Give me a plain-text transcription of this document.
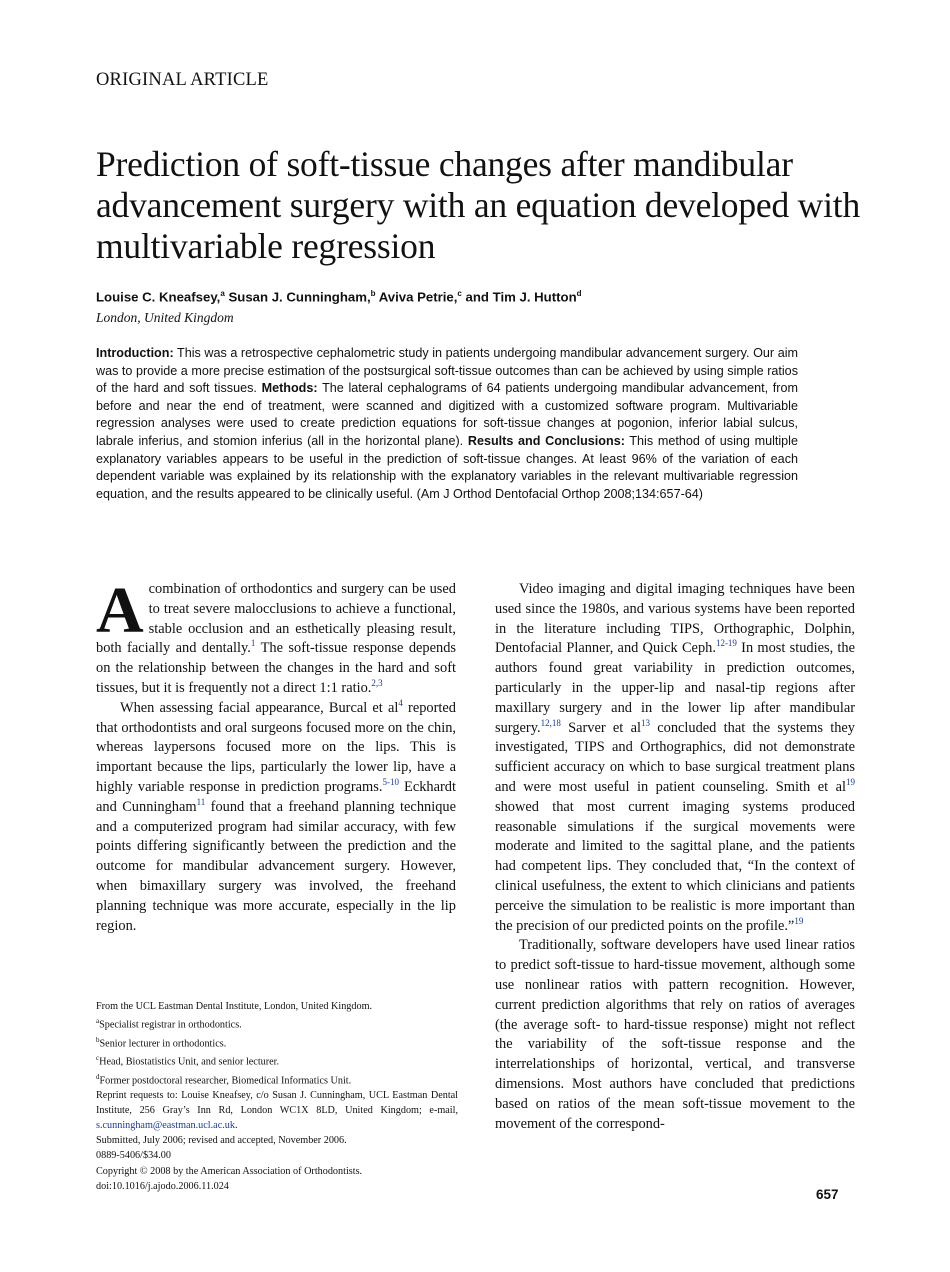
ORIGINAL ARTICLE
Prediction of soft-tissue changes after mandibular advancement surgery with an equation developed with multivariable regression
Louise C. Kneafsey,$^a$ Susan J. Cunningham,$^b$ Aviva Petrie,$^c$ and Tim J. Hutton$^d$
London, United Kingdom

Introduction: This was a retrospective cephalometric study in patients undergoing mandibular advancement surgery. Our aim was to provide a more precise estimation of the postsurgical soft-tissue outcomes than can be achieved by using simple ratios of the hard and soft tissues. Methods: The lateral cephalograms of 64 patients undergoing mandibular advancement, from before and near the end of treatment, were scanned and digitized with a customized software program. Multivariable regression analyses were used to create prediction equations for soft-tissue changes at pogonion, inferior labial sulcus, labrale inferius, and stomion inferius (all in the horizontal plane). Results and Conclusions: This method of using multiple explanatory variables appears to be useful in the prediction of soft-tissue changes. At least 96% of the variation of each dependent variable was explained by its relationship with the explanatory variables in the relevant multivariable regression equation, and the results appeared to be clinically useful. (Am J Orthod Dentofacial Orthop 2008;134:657-64)

Acombination of orthodontics and surgery can be used to treat severe malocclusions to achieve a functional, stable occlusion and an esthetically pleasing result, both facially and dentally.$^1$ The soft-tissue response depends on the relationship between the changes in the hard and soft tissues, but it is frequently not a direct 1:1 ratio.$^{2,3}$

When assessing facial appearance, Burcal et al$^4$ reported that orthodontists and oral surgeons focused more on the chin, whereas laypersons focused more on the lips. This is important because the lips, particularly the lower lip, have a highly variable response in prediction programs.$^{5-10}$ Eckhardt and Cunningham$^{11}$ found that a freehand planning technique and a computerized program had similar accuracy, with few points differing significantly between the prediction and the outcome for mandibular advancement surgery. However, when bimaxillary surgery was involved, the freehand planning technique was more accurate, especially in the lip region.

Video imaging and digital imaging techniques have been used since the 1980s, and various systems have been reported in the literature including TIPS, Orthographic, Dolphin, Dentofacial Planner, and Quick Ceph.$^{12-19}$ In most studies, the authors found great variability in prediction outcomes, particularly in the upper-lip and nasal-tip regions after maxillary surgery and in the lower lip after mandibular surgery.$^{12,18}$ Sarver et al$^{13}$ concluded that the systems they investigated, TIPS and Orthographics, did not demonstrate sufficient accuracy on which to base surgical treatment plans and were most useful in patient counseling. Smith et al$^{19}$ showed that most current imaging systems produced reasonable simulations if the surgical movements were moderate and limited to the sagittal plane, and the patients had competent lips. They concluded that, “In the context of clinical usefulness, the extent to which clinicians and patients perceive the simulation to be realistic is more important than the precision of our predicted points on the profile.”$^{19}$

Traditionally, software developers have used linear ratios to predict soft-tissue to hard-tissue movement, although some use nonlinear ratios with pattern recognition. However, current prediction algorithms that rely on ratios of averages (the average soft- to hard-tissue response) might not reflect the variability of the soft-tissue response and the interrelationships of horizontal, vertical, and transverse dimensions. Most authors have concluded that predictions based on ratios of the mean soft-tissue movement to the movement of the correspond-

From the UCL Eastman Dental Institute, London, United Kingdom.
$^a$Specialist registrar in orthodontics.
$^b$Senior lecturer in orthodontics.
$^c$Head, Biostatistics Unit, and senior lecturer.
$^d$Former postdoctoral researcher, Biomedical Informatics Unit.
Reprint requests to: Louise Kneafsey, c/o Susan J. Cunningham, UCL Eastman Dental Institute, 256 Gray’s Inn Rd, London WC1X 8LD, United Kingdom; e-mail, s.cunningham@eastman.ucl.ac.uk.
Submitted, July 2006; revised and accepted, November 2006.
0889-5406/$34.00
Copyright © 2008 by the American Association of Orthodontists.
doi:10.1016/j.ajodo.2006.11.024
657
